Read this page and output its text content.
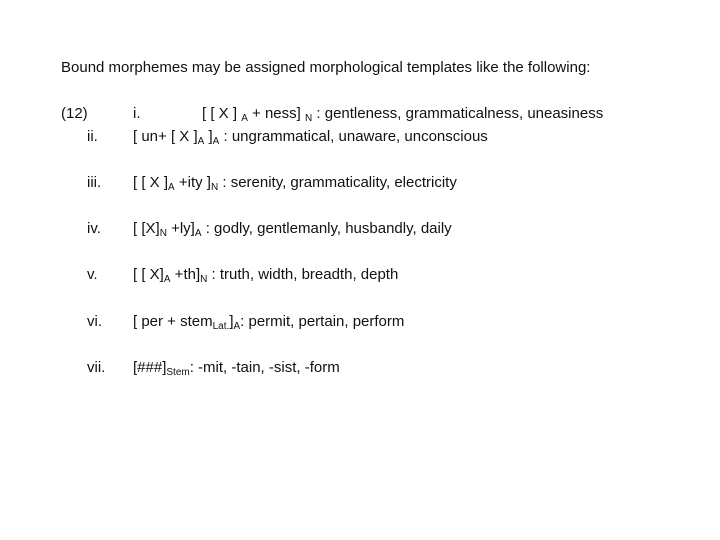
Bound morphemes may be assigned morphological templates like the following:
(12)	i.	[ [ X ] $_A$ + ness] $_N$ : gentleness, grammaticalness, uneasiness
ii. [ un+ [ X ]$_A$ ]$_A$ : ungrammatical, unaware, unconscious
iii. [ [ X ]$_A +ity$ ]$_N$ : serenity, grammaticality, electricity
iv. [ $[X]_N +ly]_A$ : godly, gentlemanly, husbandly, daily
v. [ [ $X]_A +th]_N$ : truth, width, breadth, depth
vi. [ per + $stem_{Lat.}]_A$: permit, pertain, perform
vii. $[\#\#\#]_{Stem}$: -mit, -tain, -sist, -form
